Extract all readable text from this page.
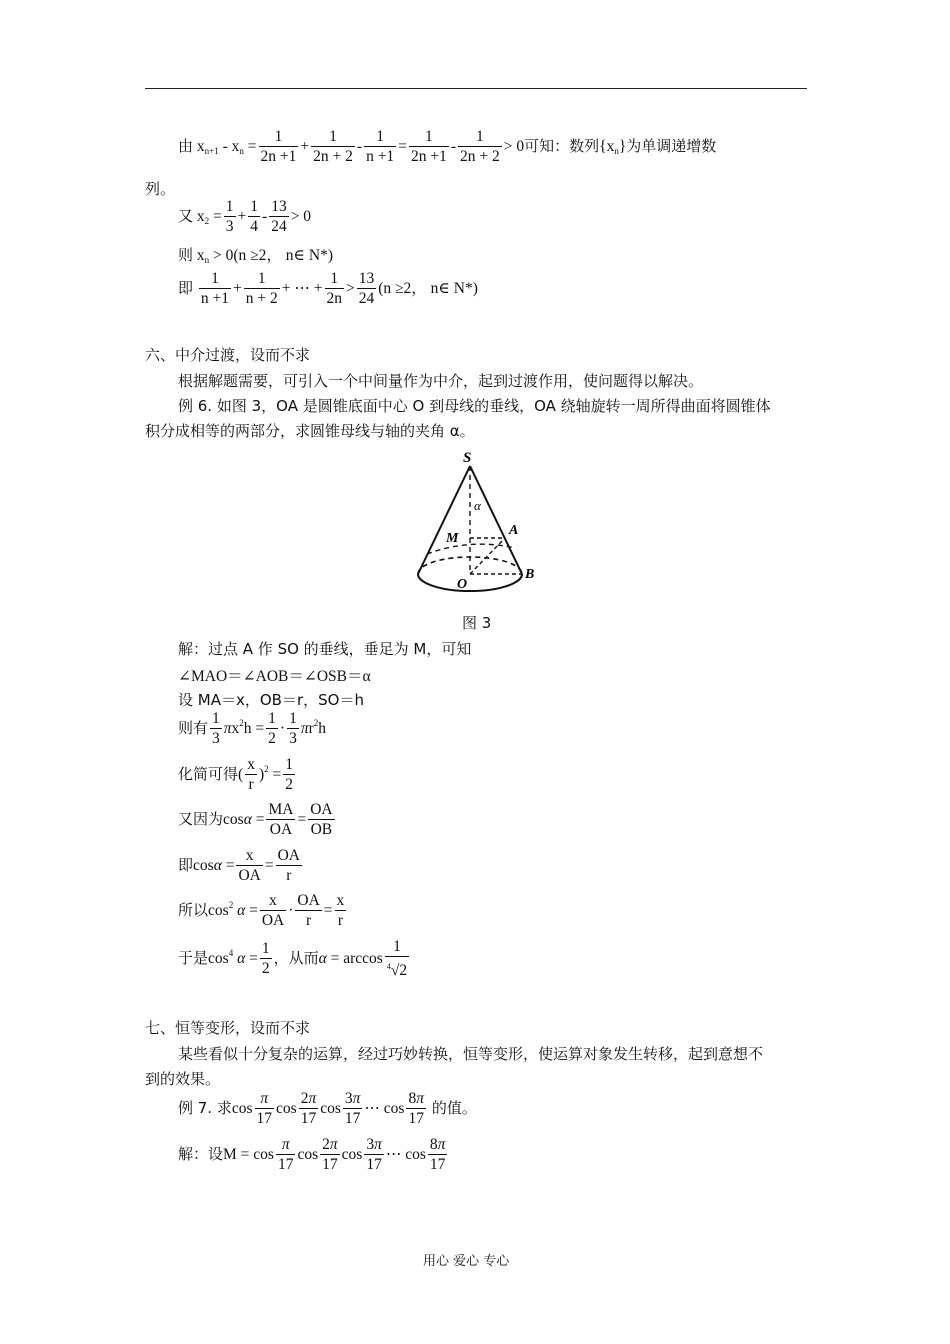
由 $x_{n+1} - x_n = \frac{1}{2n +1} + \frac{1}{2n + 2} - \frac{1}{n +1} = \frac{1}{2n +1} - \frac{1}{2n + 2} > 0$可知：数列$\{x_n\}$为单调递增数
列。
又 $x_2 = \frac{1}{3} + \frac{1}{4} - \frac{13}{24} > 0$
则 $x_n > 0(n \ge 2$， n∈ N*)
即 $\frac{1}{n +1} + \frac{1}{n + 2}$ + ⋯ + $\frac{1}{2n} > \frac{13}{24} (n \ge 2$， n∈ N*)
六、中介过渡，设而不求
根据解题需要，可引入一个中间量作为中介，起到过渡作用，使问题得以解决。
例 6. 如图 3，OA 是圆锥底面中心 O 到母线的垂线，OA 绕轴旋转一周所得曲面将圆锥体
积分成相等的两部分，求圆锥母线与轴的夹角 α。
S
α
M
A
O
B
图 3
解：过点 A 作 SO 的垂线，垂足为 M，可知
∠MAO＝∠AOB＝∠OSB＝α
设 MA＝x，OB＝r，SO＝h
则有 $\frac{1}{3} \pi x^2h = \frac{1}{2} \cdot \frac{1}{3} \pi r^2h$
化简可得( $\frac{x}{r} )^2 = \frac{1}{2}$
又因为$\cos\alpha = \frac{MA}{OA} = \frac{OA}{OB}$
即$\cos\alpha = \frac{x}{OA} = \frac{OA}{r}$
所以$\cos^2 \alpha = \frac{x}{OA} \cdot \frac{OA}{r} = \frac{x}{r}$
于是$\cos^4 \alpha = \frac{1}{2}$ ，从而$\alpha = \arccos \frac{1}{^4√2}$
七、恒等变形，设而不求
某些看似十分复杂的运算，经过巧妙转换，恒等变形，使运算对象发生转移，起到意想不
到的效果。
例 7. 求$\cos \frac{\pi}{17}$ $\cos \frac{2\pi}{17}$ $\cos \frac{3\pi}{17}$ ⋯ $\cos \frac{8\pi}{17}$ 的值。
解：设$M = \cos \frac{\pi}{17}$ $\cos \frac{2\pi}{17}$ $\cos \frac{3\pi}{17}$ ⋯ $\cos \frac{8\pi}{17}$
用心 爱心 专心
